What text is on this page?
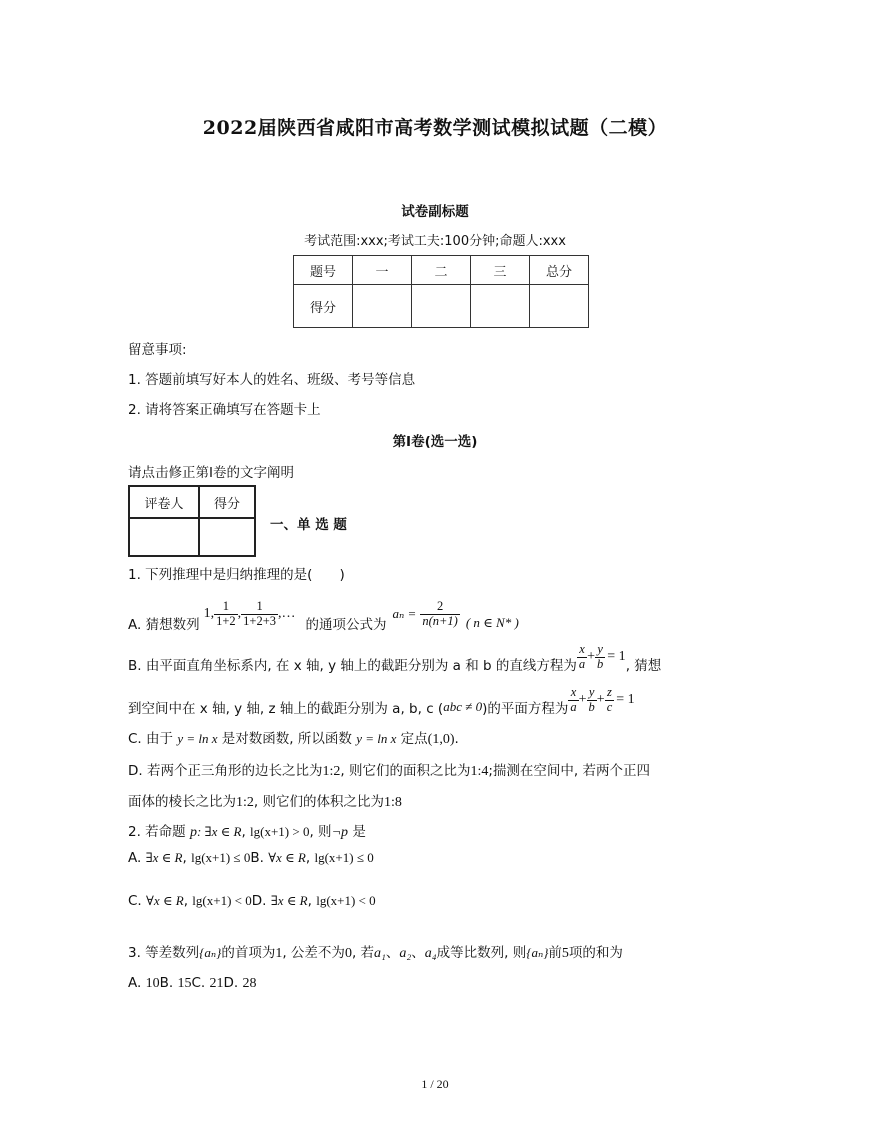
2022届陕西省咸阳市高考数学测试模拟试题（二模）
试卷副标题
考试范围:xxx;考试工夫:100分钟;命题人:xxx
题号	一	二	三	总分
得分				
留意事项:
1. 答题前填写好本人的姓名、班级、考号等信息
2. 请将答案正确填写在答题卡上
第I卷(选一选)
请点击修正第I卷的文字阐明
评卷人	得分

一、单 选 题
1. 下列推理中是归纳推理的是(　　)
A. 猜想数列
1, $\frac{1}{1+2}$ , $\frac{1}{1+2+3}$ ,…
的通项公式为
$a_n = \frac{2}{n(n+1)}$ ( n ∈ N* )
B. 由平面直角坐标系内, 在 x 轴, y 轴上的截距分别为 a 和 b 的直线方程为 $\frac{x}{a} + \frac{y}{b} = 1$
, 猜想
到空间中在 x 轴, y 轴, z 轴上的截距分别为 a, b, c ( abc ≠ 0 )的平面方程为 $\frac{x}{a} + \frac{y}{b} + \frac{z}{c} = 1$
C. 由于 y = ln x 是对数函数, 所以函数 y = ln x 定点(1,0).
D. 若两个正三角形的边长之比为1:2, 则它们的面积之比为1:4;揣测在空间中, 若两个正四
面体的棱长之比为1:2, 则它们的体积之比为1:8
2. 若命题 p: ∃x ∈ R, lg(x+1) > 0, 则¬p 是
A. ∃x ∈ R, lg(x+1) ≤ 0B. ∀x ∈ R, lg(x+1) ≤ 0
C. ∀x ∈ R, lg(x+1) < 0D. ∃x ∈ R, lg(x+1) < 0
3. 等差数列{aₙ}的首项为1, 公差不为0, 若a₁、a₂、a₄成等比数列, 则{aₙ}前5项的和为
A. 10B. 15C. 21D. 28
1 / 20
